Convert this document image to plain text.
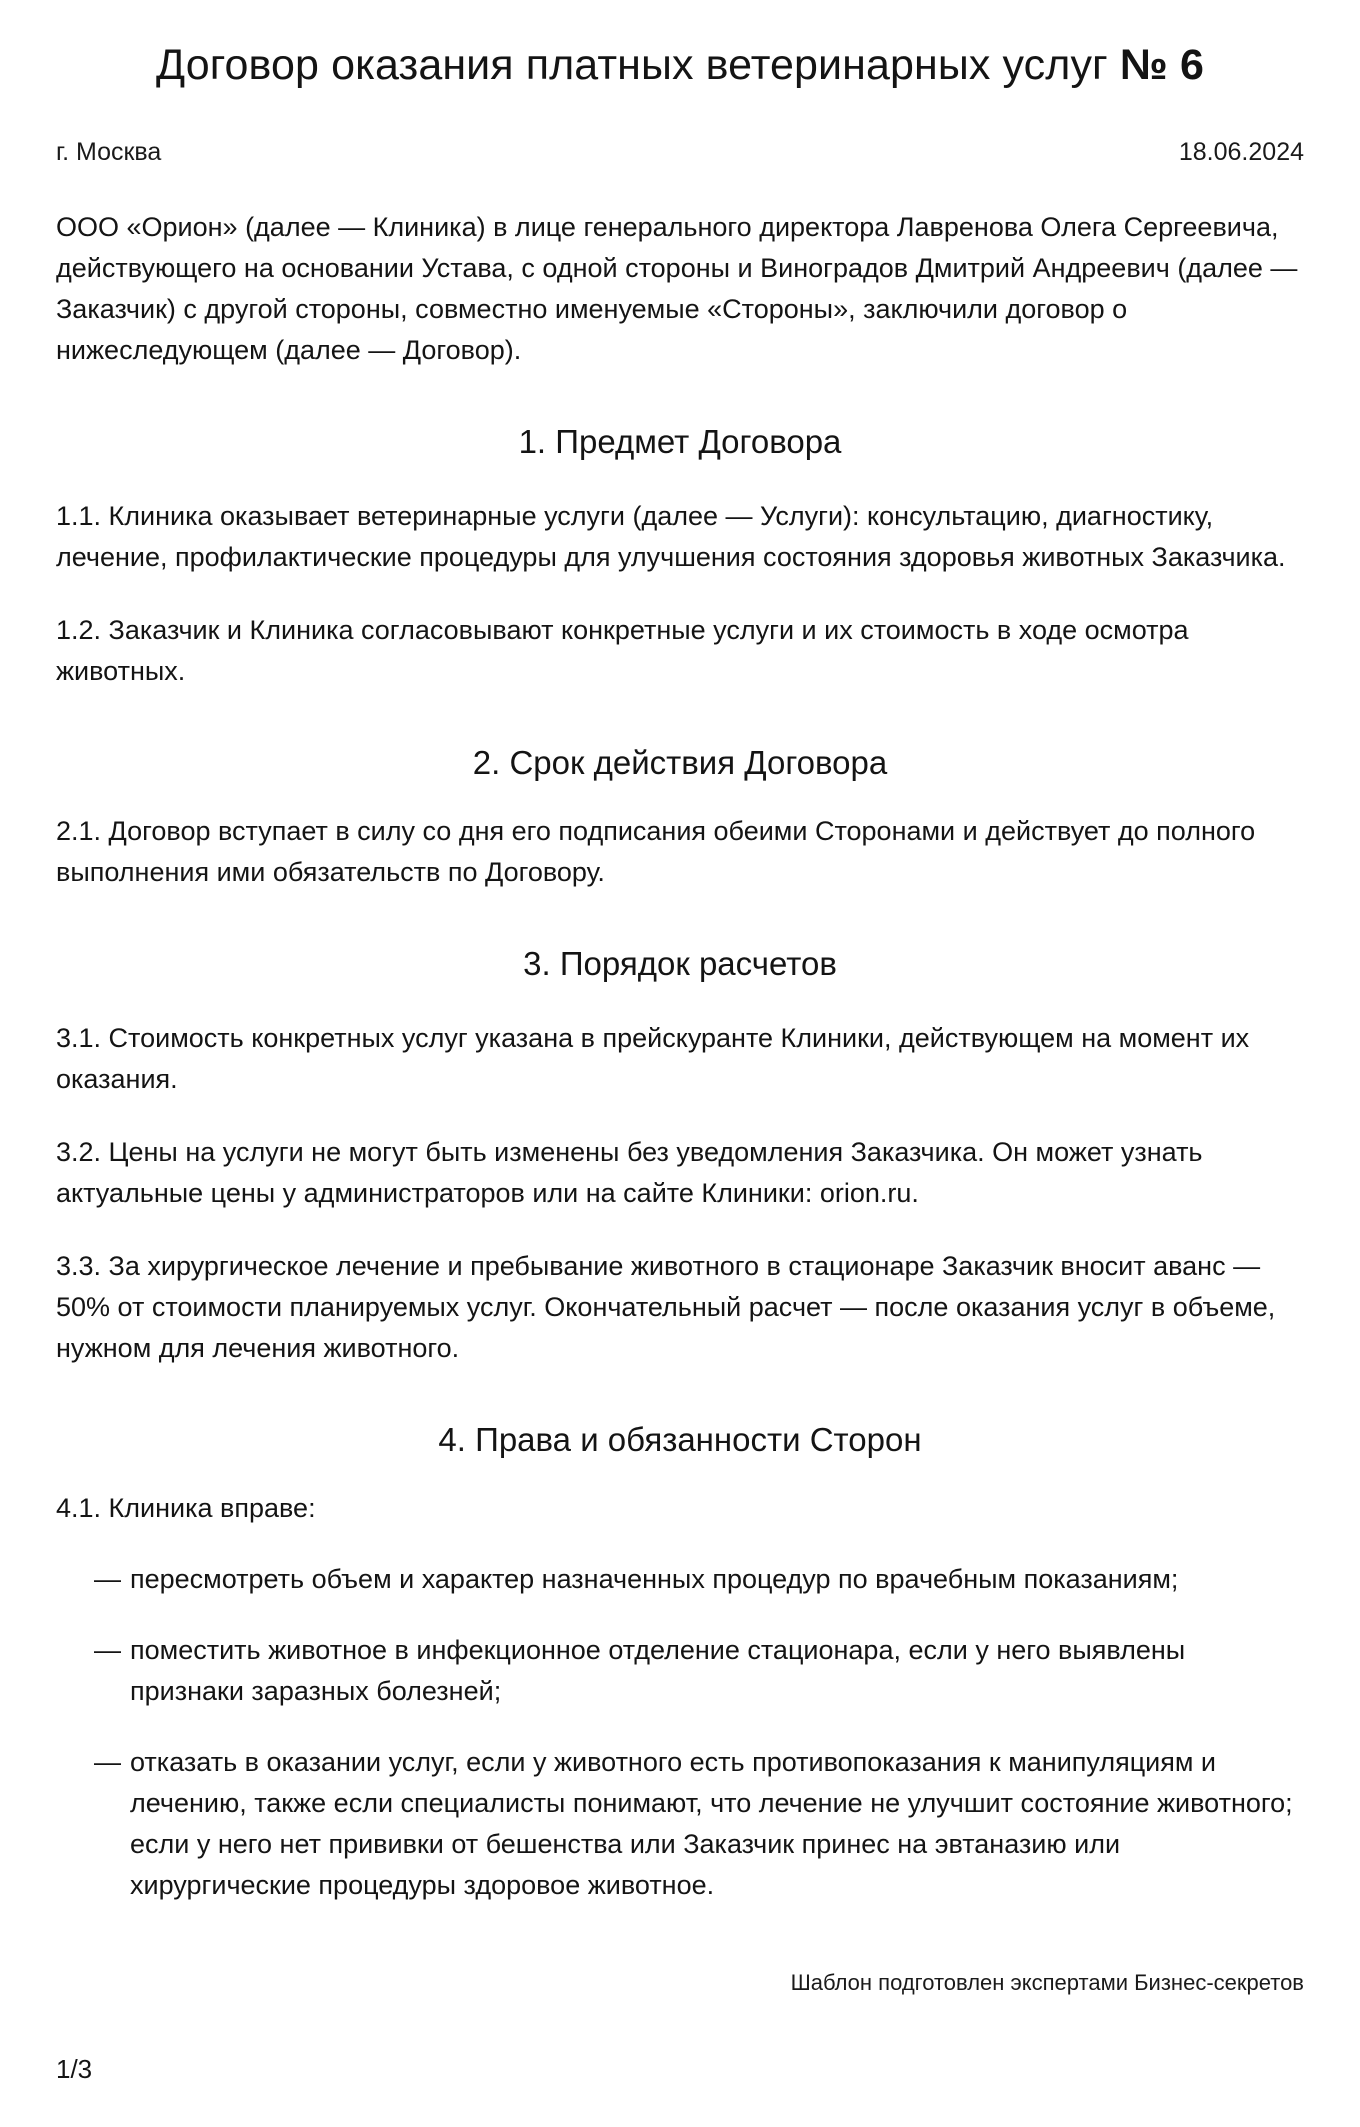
Договор оказания платных ветеринарных услуг № 6
г. Москва	18.06.2024

ООО «Орион» (далее — Клиника) в лице генерального директора Лавренова Олега Сергеевича, действующего на основании Устава, с одной стороны и Виноградов Дмитрий Андреевич (далее — Заказчик) с другой стороны, совместно именуемые «Стороны», заключили договор о нижеследующем (далее — Договор).

1. Предмет Договора

1.1. Клиника оказывает ветеринарные услуги (далее — Услуги): консультацию, диагностику, лечение, профилактические процедуры для улучшения состояния здоровья животных Заказчика.

1.2. Заказчик и Клиника согласовывают конкретные услуги и их стоимость в ходе осмотра животных.

2. Срок действия Договора

2.1. Договор вступает в силу со дня его подписания обеими Сторонами и действует до полного выполнения ими обязательств по Договору.

3. Порядок расчетов

3.1. Стоимость конкретных услуг указана в прейскуранте Клиники, действующем на момент их оказания.

3.2. Цены на услуги не могут быть изменены без уведомления Заказчика. Он может узнать актуальные цены у администраторов или на сайте Клиники: orion.ru.

3.3. За хирургическое лечение и пребывание животного в стационаре Заказчик вносит аванс — 50% от стоимости планируемых услуг. Окончательный расчет — после оказания услуг в объеме, нужном для лечения животного.

4. Права и обязанности Сторон

4.1. Клиника вправе:

— пересмотреть объем и характер назначенных процедур по врачебным показаниям;
— поместить животное в инфекционное отделение стационара, если у него выявлены признаки заразных болезней;
— отказать в оказании услуг, если у животного есть противопоказания к манипуляциям и лечению, также если специалисты понимают, что лечение не улучшит состояние животного; если у него нет прививки от бешенства или Заказчик принес на эвтаназию или хирургические процедуры здоровое животное.
Шаблон подготовлен экспертами Бизнес-секретов
1/3
